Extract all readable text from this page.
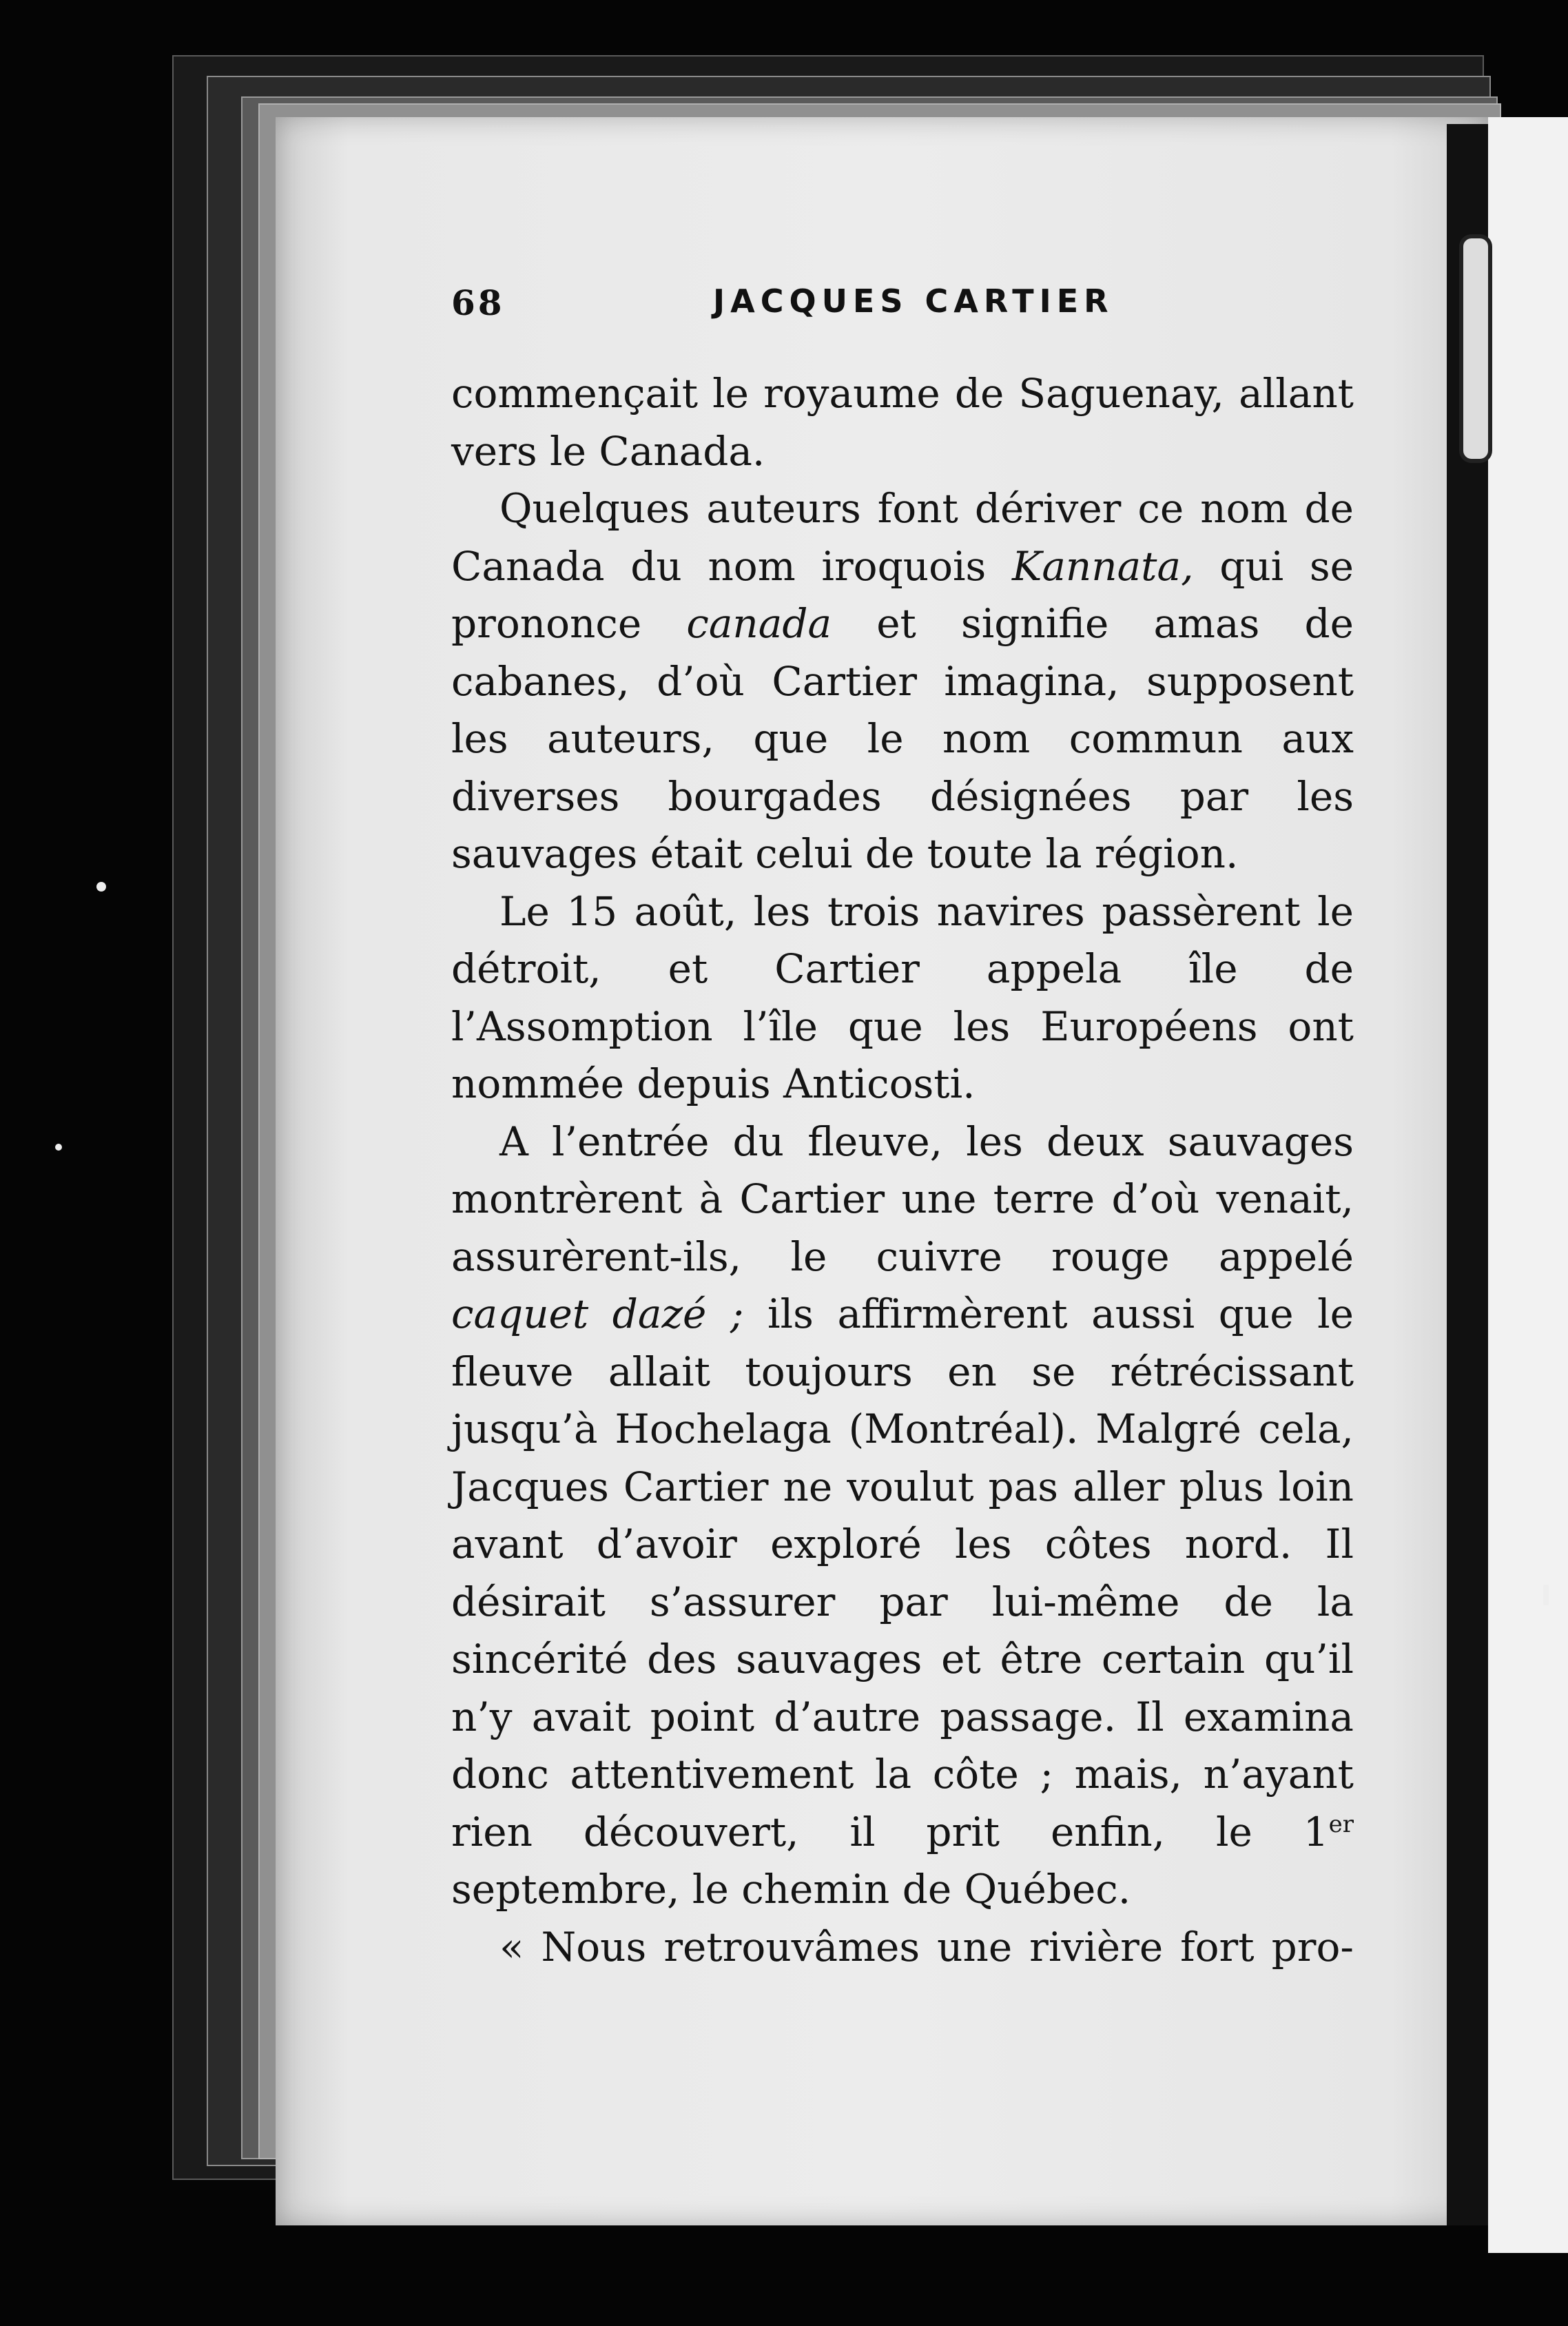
68	JACQUES CARTIER

commençait le royaume de Saguenay, allant vers le Canada.

Quelques auteurs font dériver ce nom de Canada du nom iroquois Kannata, qui se prononce canada et signifie amas de cabanes, d’où Cartier imagina, supposent les auteurs, que le nom commun aux diverses bourgades désignées par les sauvages était celui de toute la région.

Le 15 août, les trois navires passèrent le détroit, et Cartier appela île de l’Assomption l’île que les Européens ont nommée depuis Anticosti.

A l’entrée du fleuve, les deux sauvages montrèrent à Cartier une terre d’où venait, assurèrent-ils, le cuivre rouge appelé caquet dazé ; ils affirmèrent aussi que le fleuve allait toujours en se rétrécissant jusqu’à Hochelaga (Montréal). Malgré cela, Jacques Cartier ne voulut pas aller plus loin avant d’avoir exploré les côtes nord. Il désirait s’assurer par lui-même de la sincérité des sauvages et être certain qu’il n’y avait point d’autre passage. Il examina donc attentivement la côte ; mais, n’ayant rien découvert, il prit enfin, le 1er septembre, le chemin de Québec.

« Nous retrouvâmes une rivière fort pro-
